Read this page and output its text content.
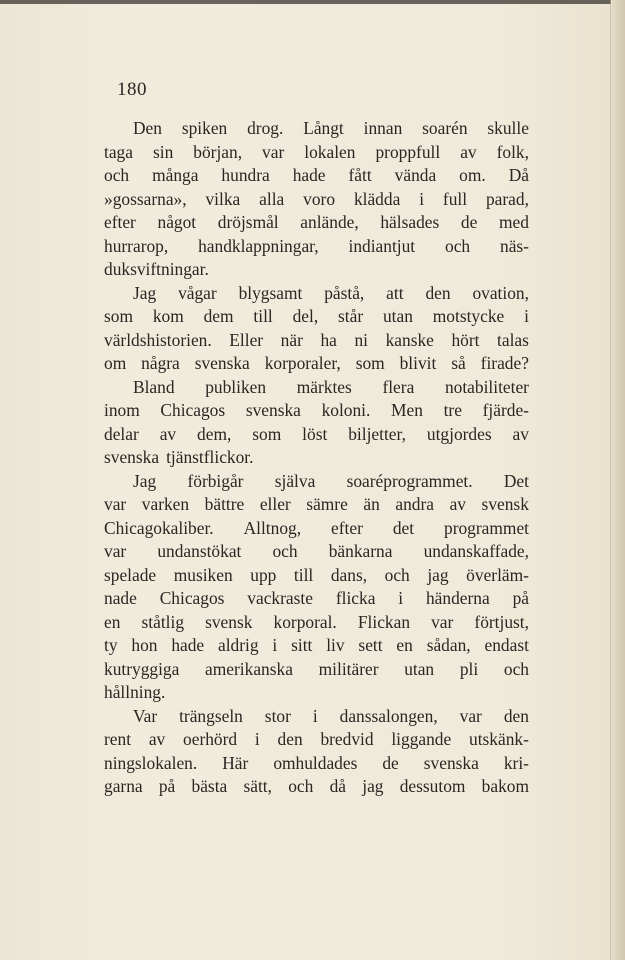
180
Den spiken drog. Långt innan soarén skulle
taga sin början, var lokalen proppfull av folk,
och många hundra hade fått vända om. Då
»gossarna», vilka alla voro klädda i full parad,
efter något dröjsmål anlände, hälsades de med
hurrarop, handklappningar, indiantjut och näs-
duksviftningar.
Jag vågar blygsamt påstå, att den ovation,
som kom dem till del, står utan motstycke i
världshistorien. Eller när ha ni kanske hört talas
om några svenska korporaler, som blivit så firade?
Bland publiken märktes flera notabiliteter
inom Chicagos svenska koloni. Men tre fjärde-
delar av dem, som löst biljetter, utgjordes av
svenska tjänstflickor.
Jag förbigår själva soaréprogrammet. Det
var varken bättre eller sämre än andra av svensk
Chicagokaliber. Alltnog, efter det programmet
var undanstökat och bänkarna undanskaffade,
spelade musiken upp till dans, och jag överläm-
nade Chicagos vackraste flicka i händerna på
en ståtlig svensk korporal. Flickan var förtjust,
ty hon hade aldrig i sitt liv sett en sådan, endast
kutryggiga amerikanska militärer utan pli och
hållning.
Var trängseln stor i danssalongen, var den
rent av oerhörd i den bredvid liggande utskänk-
ningslokalen. Här omhuldades de svenska kri-
garna på bästa sätt, och då jag dessutom bakom
